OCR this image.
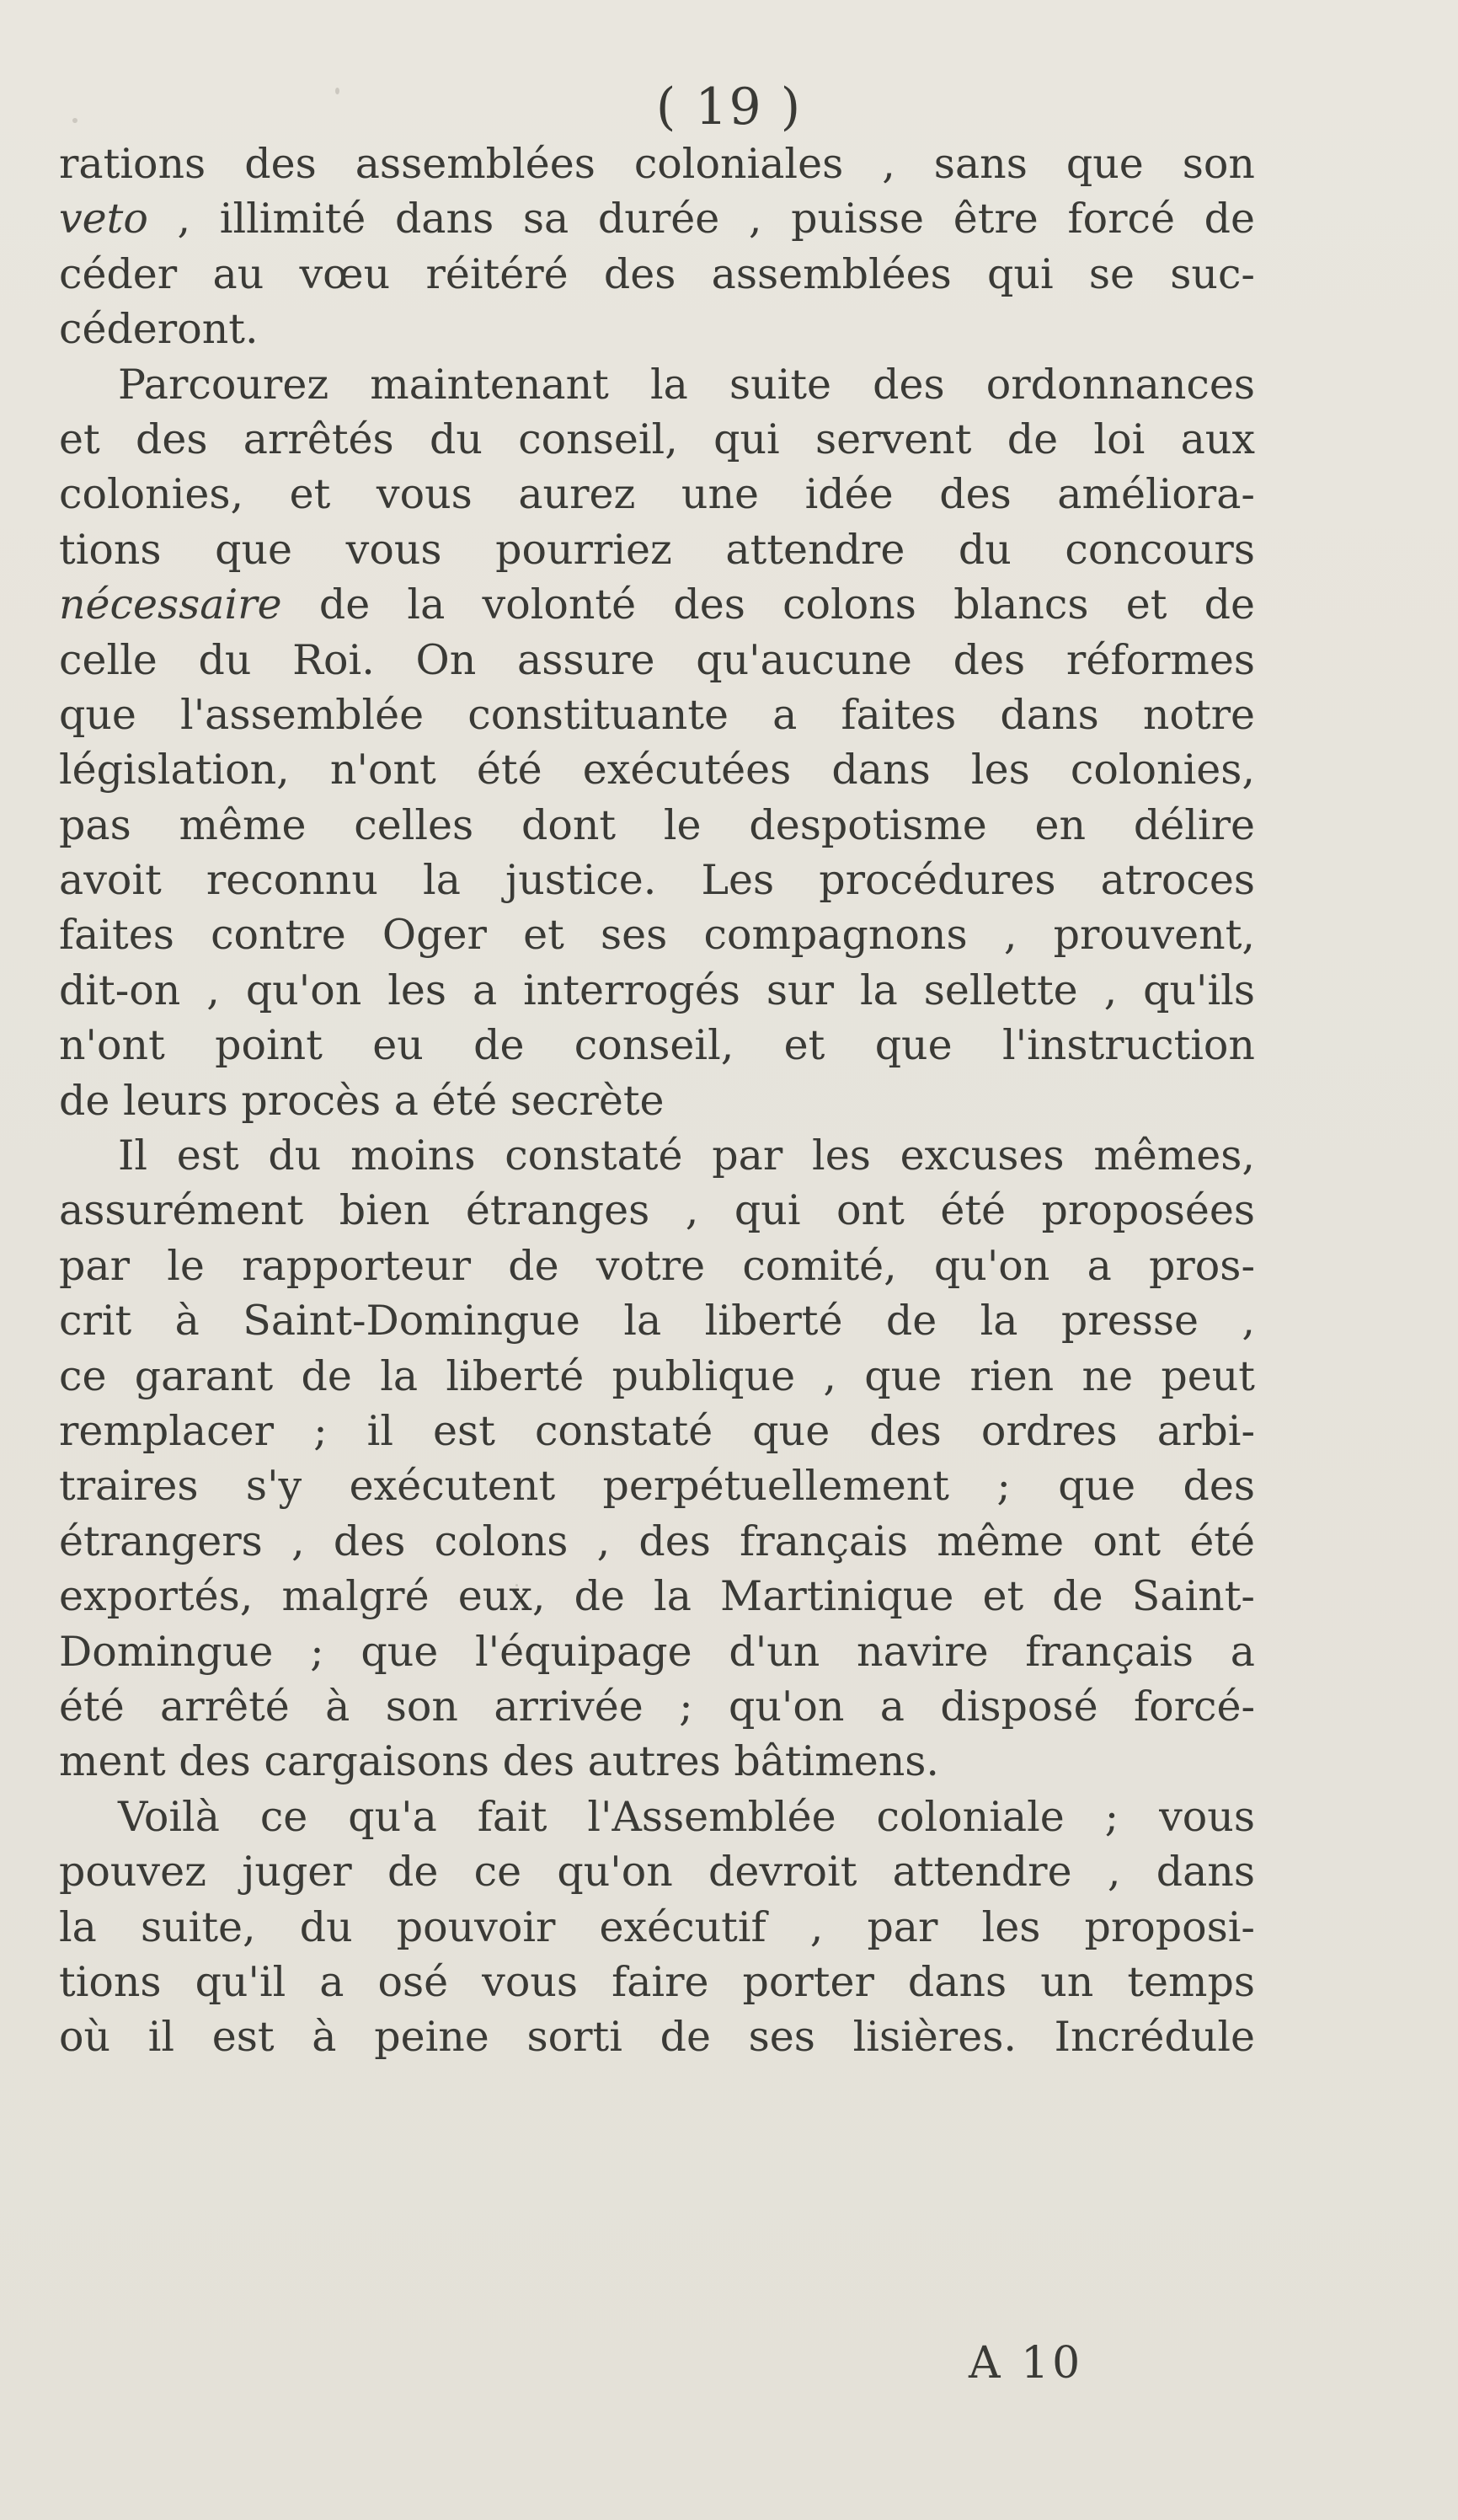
( 19 )
rations des assemblées coloniales , sans que son
veto , illimité dans sa durée , puisse être forcé de
céder au vœu réitéré des assemblées qui se suc-
céderont.
Parcourez maintenant la suite des ordonnances
et des arrêtés du conseil, qui servent de loi aux
colonies, et vous aurez une idée des améliora-
tions que vous pourriez attendre du concours
nécessaire de la volonté des colons blancs et de
celle du Roi. On assure qu'aucune des réformes
que l'assemblée constituante a faites dans notre
législation, n'ont été exécutées dans les colonies,
pas même celles dont le despotisme en délire
avoit reconnu la justice. Les procédures atroces
faites contre Oger et ses compagnons , prouvent,
dit-on , qu'on les a interrogés sur la sellette , qu'ils
n'ont point eu de conseil, et que l'instruction
de leurs procès a été secrète
Il est du moins constaté par les excuses mêmes,
assurément bien étranges , qui ont été proposées
par le rapporteur de votre comité, qu'on a pros-
crit à Saint-Domingue la liberté de la presse ,
ce garant de la liberté publique , que rien ne peut
remplacer ; il est constaté que des ordres arbi-
traires s'y exécutent perpétuellement ; que des
étrangers , des colons , des français même ont été
exportés, malgré eux, de la Martinique et de Saint-
Domingue ; que l'équipage d'un navire français a
été arrêté à son arrivée ; qu'on a disposé forcé-
ment des cargaisons des autres bâtimens.
Voilà ce qu'a fait l'Assemblée coloniale ; vous
pouvez juger de ce qu'on devroit attendre , dans
la suite, du pouvoir exécutif , par les proposi-
tions qu'il a osé vous faire porter dans un temps
où il est à peine sorti de ses lisières. Incrédule
A 10
